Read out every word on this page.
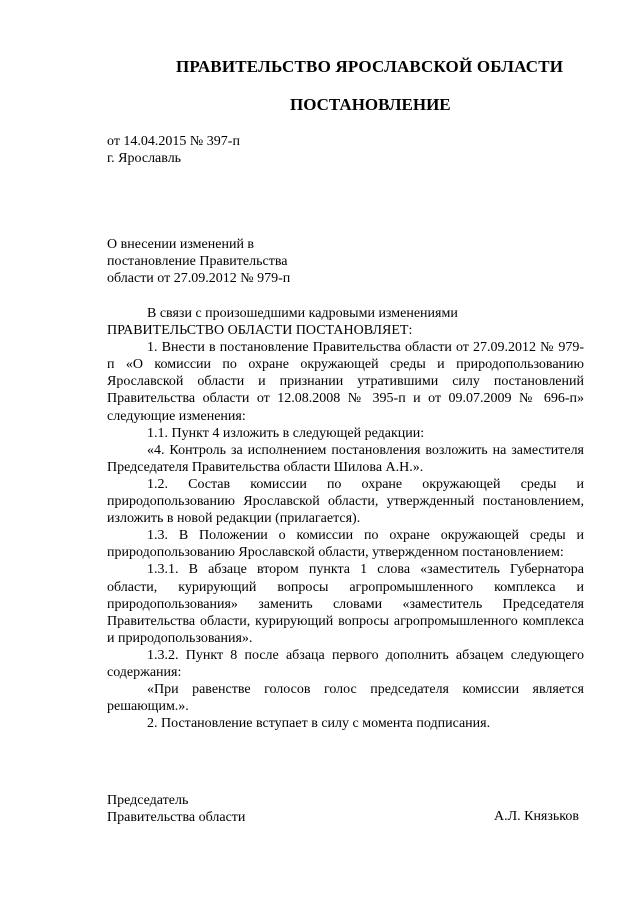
ПРАВИТЕЛЬСТВО ЯРОСЛАВСКОЙ ОБЛАСТИ
ПОСТАНОВЛЕНИЕ
от 14.04.2015 № 397-п
г. Ярославль
О внесении изменений в
постановление Правительства
области от 27.09.2012 № 979-п

В связи с произошедшими кадровыми изменениями

ПРАВИТЕЛЬСТВО ОБЛАСТИ ПОСТАНОВЛЯЕТ:

1. Внести в постановление Правительства области от 27.09.2012 № 979-п «О комиссии по охране окружающей среды и природопользованию Ярославской области и признании утратившими силу постановлений Правительства области от 12.08.2008 № 395-п и от 09.07.2009 № 696-п» следующие изменения:

1.1. Пункт 4 изложить в следующей редакции:

«4. Контроль за исполнением постановления возложить на заместителя Председателя Правительства области Шилова А.Н.».

1.2. Состав комиссии по охране окружающей среды и природопользованию Ярославской области, утвержденный постановлением, изложить в новой редакции (прилагается).

1.3. В Положении о комиссии по охране окружающей среды и природопользованию Ярославской области, утвержденном постановлением:

1.3.1. В абзаце втором пункта 1 слова «заместитель Губернатора области, курирующий вопросы агропромышленного комплекса и природопользования» заменить словами «заместитель Председателя Правительства области, курирующий вопросы агропромышленного комплекса и природопользования».

1.3.2. Пункт 8 после абзаца первого дополнить абзацем следующего содержания:

«При равенстве голосов голос председателя комиссии является решающим.».

2. Постановление вступает в силу с момента подписания.

Председатель
Правительства области	А.Л. Князьков
